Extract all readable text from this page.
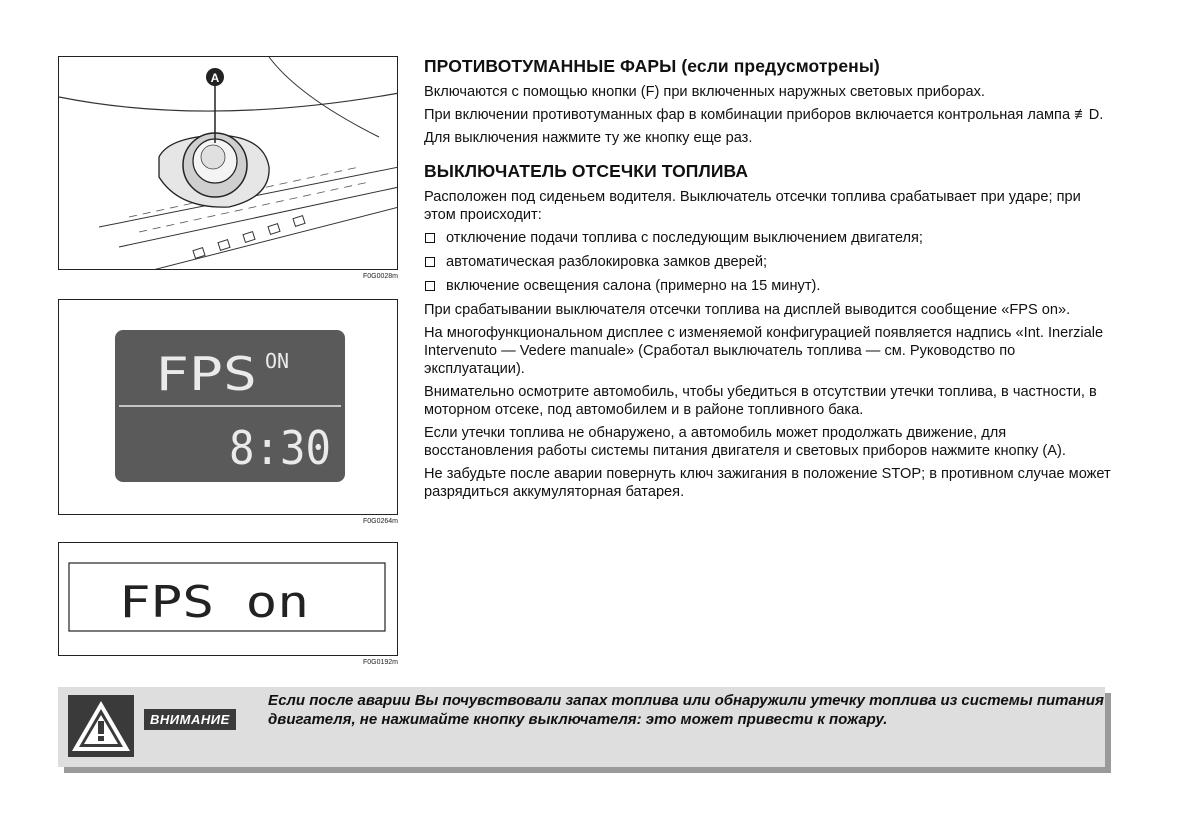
A
F0G0028m
FPS ON
8:30
F0G0264m
FPS on
F0G0192m
ПРОТИВОТУМАННЫЕ ФАРЫ (если предусмотрены)

Включаются с помощью кнопки (F) при включенных наружных световых приборах.

При включении противотуманных фар в комбинации приборов включается контрольная лампа ≢D.

Для выключения нажмите ту же кнопку еще раз.

ВЫКЛЮЧАТЕЛЬ ОТСЕЧКИ ТОПЛИВА

Расположен под сиденьем водителя. Выключатель отсечки топлива срабатывает при ударе; при этом происходит:

отключение подачи топлива с последующим выключением двигателя;
автоматическая разблокировка замков дверей;
включение освещения салона (примерно на 15 минут).

При срабатывании выключателя отсечки топлива на дисплей выводится сообщение «FPS on».

На многофункциональном дисплее с изменяемой конфигурацией появляется надпись «Int. Inerziale Intervenuto — Vedere manuale» (Сработал выключатель топлива — см. Руководство по эксплуатации).

Внимательно осмотрите автомобиль, чтобы убедиться в отсутствии утечки топлива, в частности, в моторном отсеке, под автомобилем и в районе топливного бака.

Если утечки топлива не обнаружено, а автомобиль может продолжать движение, для восстановления работы системы питания двигателя и световых приборов нажмите кнопку (А).

Не забудьте после аварии повернуть ключ зажигания в положение STOP; в противном случае может разрядиться аккумуляторная батарея.

ВНИМАНИЕ
Если после аварии Вы почувствовали запах топлива или обнаружили утечку топлива из системы питания двигателя, не нажимайте кнопку выключателя: это может привести к пожару.
